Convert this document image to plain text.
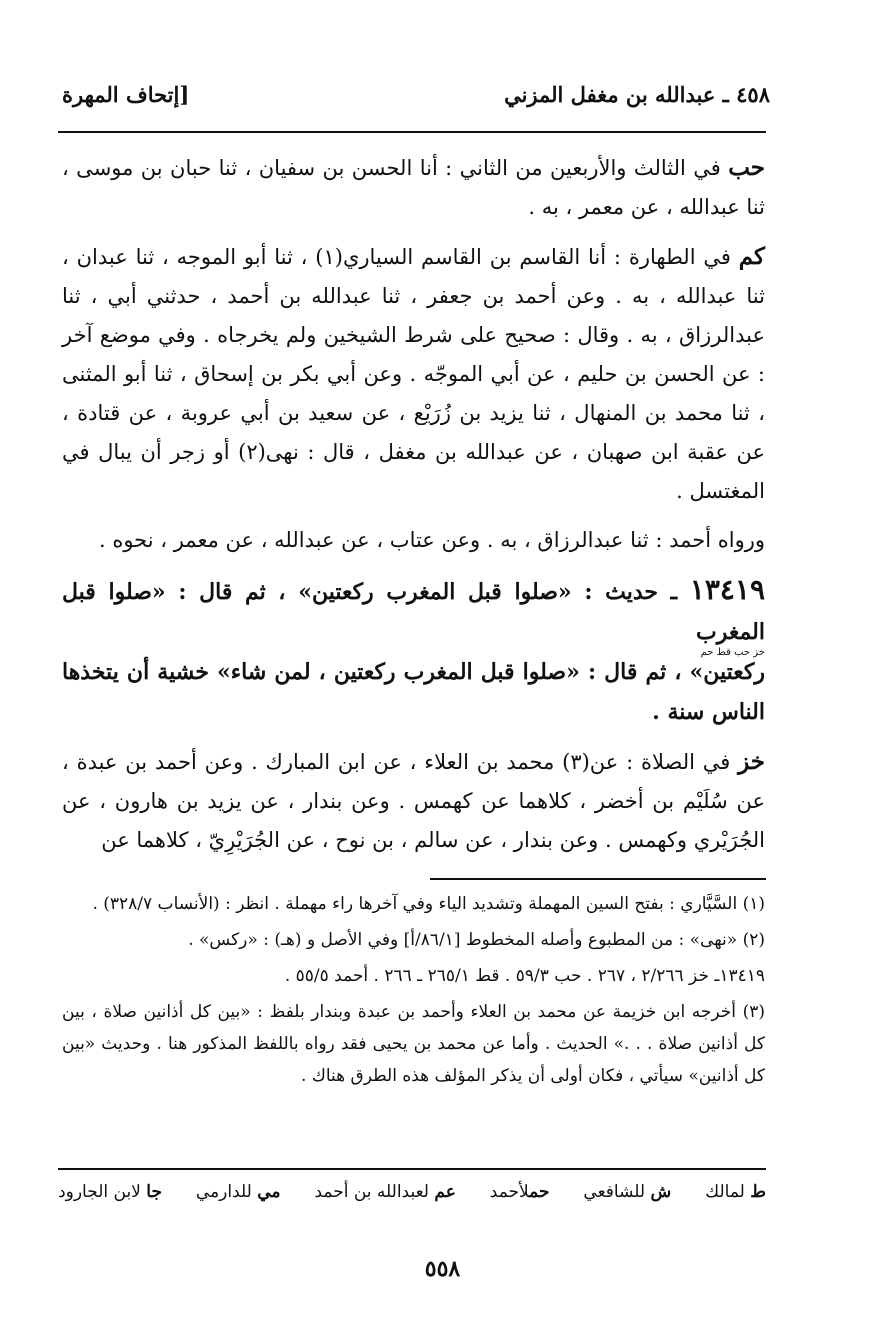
٤٥٨ ـ عبدالله بن مغفل المزني
[إتحاف المهرة

حب في الثالث والأربعين من الثاني : أنا الحسن بن سفيان ، ثنا حبان بن موسى ، ثنا عبدالله ، عن معمر ، به .

كم في الطهارة : أنا القاسم بن القاسم السياري(١) ، ثنا أبو الموجه ، ثنا عبدان ، ثنا عبدالله ، به . وعن أحمد بن جعفر ، ثنا عبدالله بن أحمد ، حدثني أبي ، ثنا عبدالرزاق ، به . وقال : صحيح على شرط الشيخين ولم يخرجاه . وفي موضع آخر : عن الحسن بن حليم ، عن أبي الموجّه . وعن أبي بكر بن إسحاق ، ثنا أبو المثنى ، ثنا محمد بن المنهال ، ثنا يزيد بن زُرَيْع ، عن سعيد بن أبي عروبة ، عن قتادة ، عن عقبة ابن صهبان ، عن عبدالله بن مغفل ، قال : نهى(٢) أو زجر أن يبال في المغتسل .

ورواه أحمد : ثنا عبدالرزاق ، به . وعن عتاب ، عن عبدالله ، عن معمر ، نحوه .

١٣٤١٩ ـ حديث : «صلوا قبل المغرب ركعتين» ، ثم قال : «صلوا قبل المغرب
خز حب قط حم
ركعتين» ، ثم قال : «صلوا قبل المغرب ركعتين ، لمن شاء» خشية أن يتخذها الناس سنة .

خز في الصلاة : عن(٣) محمد بن العلاء ، عن ابن المبارك . وعن أحمد بن عبدة ، عن سُلَيْم بن أخضر ، كلاهما عن كهمس . وعن بندار ، عن يزيد بن هارون ، عن الجُرَيْري وكهمس . وعن بندار ، عن سالم ، بن نوح ، عن الجُرَيْرِيّ ، كلاهما عن

(١) السَّيَّاري : بفتح السين المهملة وتشديد الياء وفي آخرها راء مهملة . انظر : (الأنساب ٣٢٨/٧) .

(٢) «نهى» : من المطبوع وأصله المخطوط [٨٦/١/أ] وفي الأصل و (هـ) : «ركس» .

١٣٤١٩ـ خز ٢/٢٦٦ ، ٢٦٧ . حب ٥٩/٣ . قط ٢٦٥/١ ـ ٢٦٦ . أحمد ٥٥/٥ .

(٣) أخرجه ابن خزيمة عن محمد بن العلاء وأحمد بن عبدة وبندار بلفظ : «بين كل أذانين صلاة ، بين كل أذانين صلاة . . .» الحديث . وأما عن محمد بن يحيى فقد رواه باللفظ المذكور هنا . وحديث «بين كل أذانين» سيأتي ، فكان أولى أن يذكر المؤلف هذه الطرق هناك .

ط لمالك
ش للشافعي
حملأحمد
عم لعبدالله بن أحمد
مي للدارمي
جا لابن الجارود
٥٥٨
